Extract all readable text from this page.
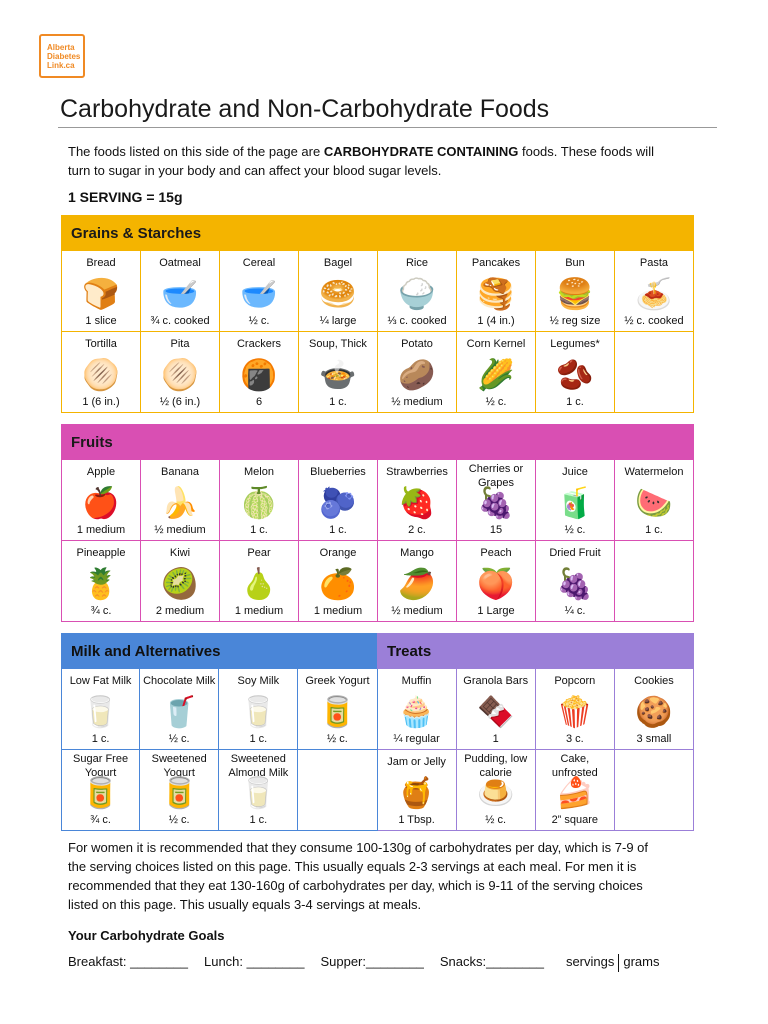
Alberta
Diabetes
Link.ca
Carbohydrate and Non-Carbohydrate Foods
The foods listed on this side of the page are CARBOHYDRATE CONTAINING foods. These foods will turn to sugar in your body and can affect your blood sugar levels.
1 SERVING = 15g
Grains & Starches
Bread
🍞
1 slice
Oatmeal
🥣
¾ c. cooked
Cereal
🥣
½ c.
Bagel
🥯
¼ large
Rice
🍚
⅓ c. cooked
Pancakes
🥞
1 (4 in.)
Bun
🍔
½ reg size
Pasta
🍝
½ c. cooked
Tortilla
🫓
1 (6 in.)
Pita
🫓
½ (6 in.)
Crackers
🍘
6
Soup, Thick
🍲
1 c.
Potato
🥔
½ medium
Corn Kernel
🌽
½ c.
Legumes*
🫘
1 c.
Fruits
Apple
🍎
1 medium
Banana
🍌
½ medium
Melon
🍈
1 c.
Blueberries
🫐
1 c.
Strawberries
🍓
2 c.
Cherries or Grapes
🍇
15
Juice
🧃
½ c.
Watermelon
🍉
1 c.
Pineapple
🍍
¾ c.
Kiwi
🥝
2 medium
Pear
🍐
1 medium
Orange
🍊
1 medium
Mango
🥭
½ medium
Peach
🍑
1 Large
Dried Fruit
🍇
¼ c.
Milk and Alternatives	Treats
Low Fat Milk
🥛
1 c.
Chocolate Milk
🥤
½ c.
Soy Milk
🥛
1 c.
Greek Yogurt
🥫
½ c.
Muffin
🧁
¼ regular
Granola Bars
🍫
1
Popcorn
🍿
3 c.
Cookies
🍪
3 small
Sugar Free Yogurt
🥫
¾ c.
Sweetened Yogurt
🥫
½ c.
Sweetened Almond Milk
🥛
1 c.
Jam or Jelly
🍯
1 Tbsp.
Pudding, low calorie
🍮
½ c.
Cake, unfrosted
🍰
2” square
For women it is recommended that they consume 100-130g of carbohydrates per day, which is 7-9 of the serving choices listed on this page. This usually equals 2-3 servings at each meal. For men it is recommended that they eat 130-160g of carbohydrates per day, which is 9-11 of the serving choices listed on this page. This usually equals 3-4 servings at meals.
Your Carbohydrate Goals
Breakfast: ________ Lunch: ________ Supper:________ Snacks:________ servings grams
